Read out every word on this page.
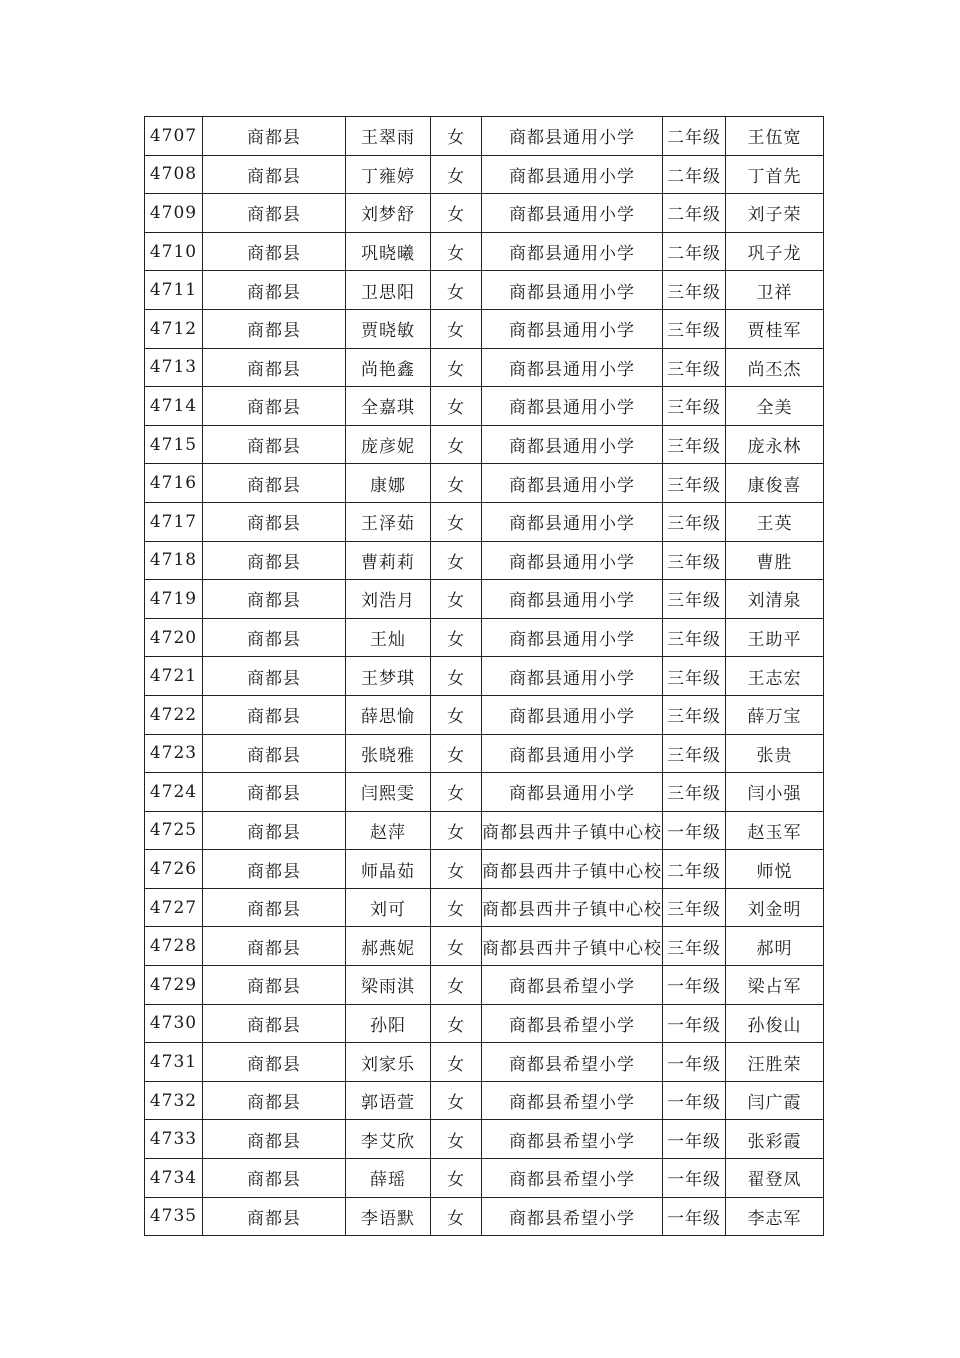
4707	商都县	王翠雨	女	商都县通用小学	二年级	王伍宽
4708	商都县	丁雍婷	女	商都县通用小学	二年级	丁首先
4709	商都县	刘梦舒	女	商都县通用小学	二年级	刘子荣
4710	商都县	巩晓曦	女	商都县通用小学	二年级	巩子龙
4711	商都县	卫思阳	女	商都县通用小学	三年级	卫祥
4712	商都县	贾晓敏	女	商都县通用小学	三年级	贾桂军
4713	商都县	尚艳鑫	女	商都县通用小学	三年级	尚丕杰
4714	商都县	全嘉琪	女	商都县通用小学	三年级	全美
4715	商都县	庞彦妮	女	商都县通用小学	三年级	庞永林
4716	商都县	康娜	女	商都县通用小学	三年级	康俊喜
4717	商都县	王泽茹	女	商都县通用小学	三年级	王英
4718	商都县	曹莉莉	女	商都县通用小学	三年级	曹胜
4719	商都县	刘浩月	女	商都县通用小学	三年级	刘清泉
4720	商都县	王灿	女	商都县通用小学	三年级	王助平
4721	商都县	王梦琪	女	商都县通用小学	三年级	王志宏
4722	商都县	薛思愉	女	商都县通用小学	三年级	薛万宝
4723	商都县	张晓雅	女	商都县通用小学	三年级	张贵
4724	商都县	闫熙雯	女	商都县通用小学	三年级	闫小强
4725	商都县	赵萍	女	商都县西井子镇中心校	一年级	赵玉军
4726	商都县	师晶茹	女	商都县西井子镇中心校	二年级	师悦
4727	商都县	刘可	女	商都县西井子镇中心校	三年级	刘金明
4728	商都县	郝燕妮	女	商都县西井子镇中心校	三年级	郝明
4729	商都县	梁雨淇	女	商都县希望小学	一年级	梁占军
4730	商都县	孙阳	女	商都县希望小学	一年级	孙俊山
4731	商都县	刘家乐	女	商都县希望小学	一年级	汪胜荣
4732	商都县	郭语萱	女	商都县希望小学	一年级	闫广霞
4733	商都县	李艾欣	女	商都县希望小学	一年级	张彩霞
4734	商都县	薛瑶	女	商都县希望小学	一年级	翟登凤
4735	商都县	李语默	女	商都县希望小学	一年级	李志军
